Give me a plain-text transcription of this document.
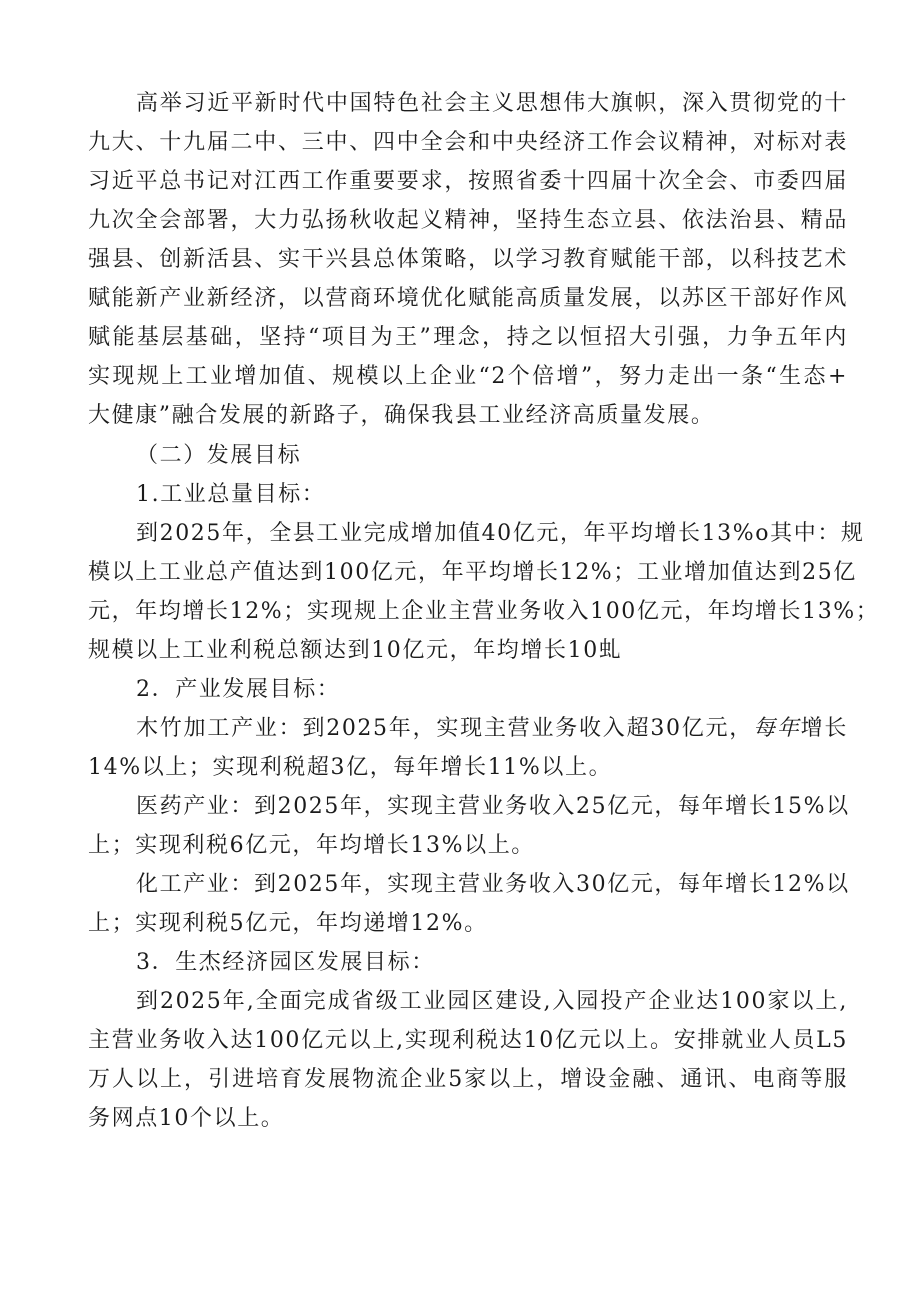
高举习近平新时代中国特色社会主义思想伟大旗帜，深入贯彻党的十
九大、十九届二中、三中、四中全会和中央经济工作会议精神，对标对表
习近平总书记对江西工作重要要求，按照省委十四届十次全会、市委四届
九次全会部署，大力弘扬秋收起义精神，坚持生态立县、依法治县、精品
强县、创新活县、实干兴县总体策略，以学习教育赋能干部，以科技艺术
赋能新产业新经济，以营商环境优化赋能高质量发展，以苏区干部好作风
赋能基层基础，坚持“项目为王”理念，持之以恒招大引强，力争五年内
实现规上工业增加值、规模以上企业“2个倍增”，努力走出一条“生态+
大健康”融合发展的新路子，确保我县工业经济高质量发展。
（二）发展目标
1.工业总量目标：
到2025年，全县工业完成增加值40亿元，年平均增长13%o其中：规
模以上工业总产值达到100亿元，年平均增长12%；工业增加值达到25亿
元，年均增长12%；实现规上企业主营业务收入100亿元，年均增长13%；
规模以上工业利税总额达到10亿元，年均增长10虬
2．产业发展目标：
木竹加工产业：到2025年，实现主营业务收入超30亿元，每年增长
14%以上；实现利税超3亿，每年增长11%以上。
医药产业：到2025年，实现主营业务收入25亿元，每年增长15%以
上；实现利税6亿元，年均增长13%以上。
化工产业：到2025年，实现主营业务收入30亿元，每年增长12%以
上；实现利税5亿元，年均递增12%。
3．生杰经济园区发展目标：
到2025年,全面完成省级工业园区建设,入园投产企业达100家以上,
主营业务收入达100亿元以上,实现利税达10亿元以上。安排就业人员L5
万人以上，引进培育发展物流企业5家以上，增设金融、通讯、电商等服
务网点10个以上。
